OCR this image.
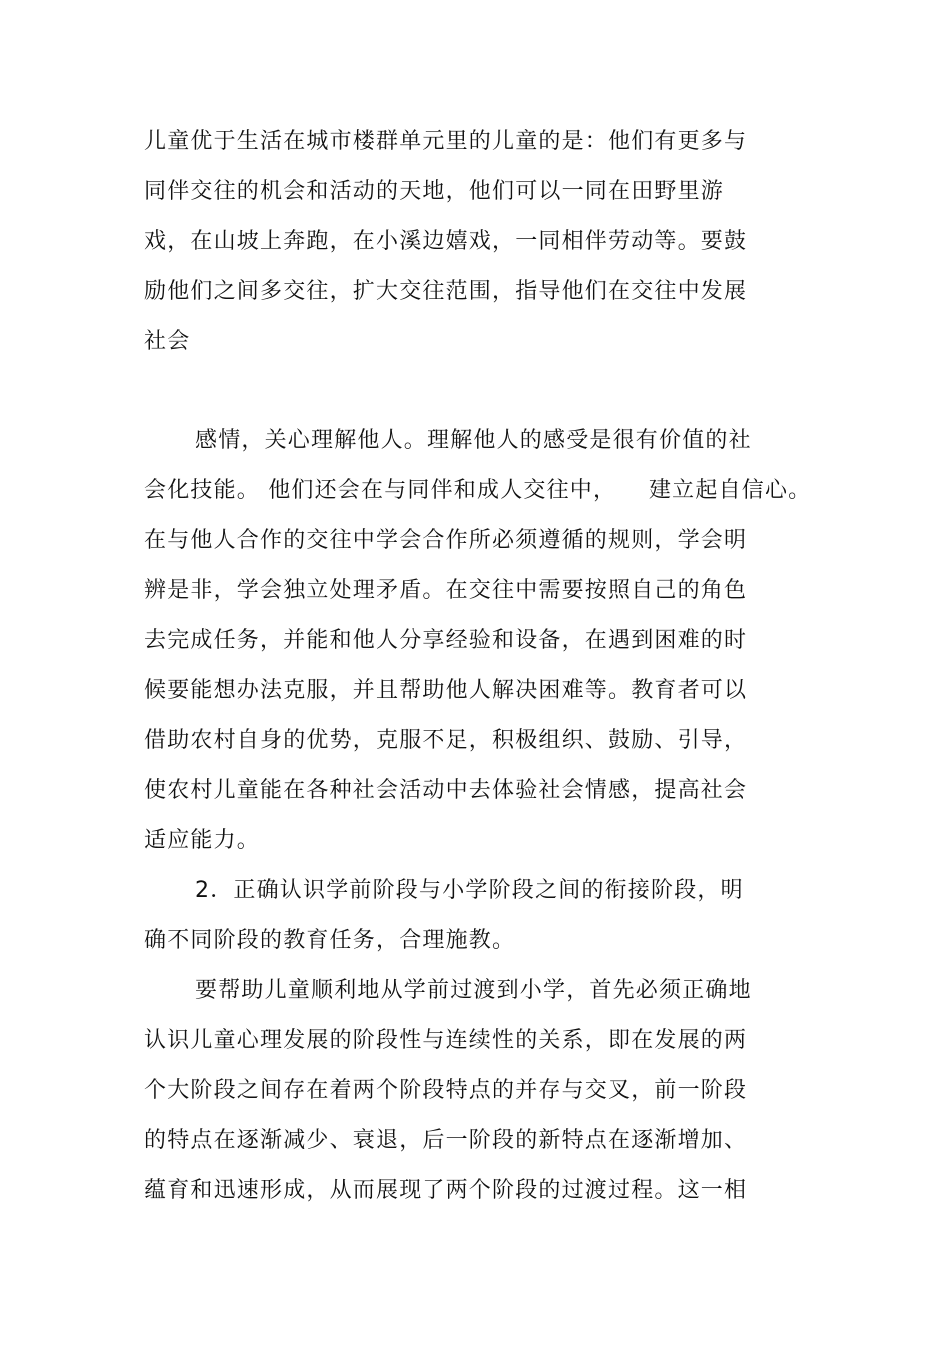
儿童优于生活在城市楼群单元里的儿童的是：他们有更多与
同伴交往的机会和活动的天地，他们可以一同在田野里游
戏，在山坡上奔跑，在小溪边嬉戏，一同相伴劳动等。要鼓
励他们之间多交往，扩大交往范围，指导他们在交往中发展
社会
感情，关心理解他人。理解他人的感受是很有价值的社
会化技能。 他们还会在与同伴和成人交往中，    建立起自信心。
在与他人合作的交往中学会合作所必须遵循的规则，学会明
辨是非，学会独立处理矛盾。在交往中需要按照自己的角色
去完成任务，并能和他人分享经验和设备，在遇到困难的时
候要能想办法克服，并且帮助他人解决困难等。教育者可以
借助农村自身的优势，克服不足，积极组织、鼓励、引导，
使农村儿童能在各种社会活动中去体验社会情感，提高社会
适应能力。
2．正确认识学前阶段与小学阶段之间的衔接阶段，明
确不同阶段的教育任务，合理施教。
要帮助儿童顺利地从学前过渡到小学，首先必须正确地
认识儿童心理发展的阶段性与连续性的关系，即在发展的两
个大阶段之间存在着两个阶段特点的并存与交叉，前一阶段
的特点在逐渐减少、衰退，后一阶段的新特点在逐渐增加、
蕴育和迅速形成，从而展现了两个阶段的过渡过程。这一相
